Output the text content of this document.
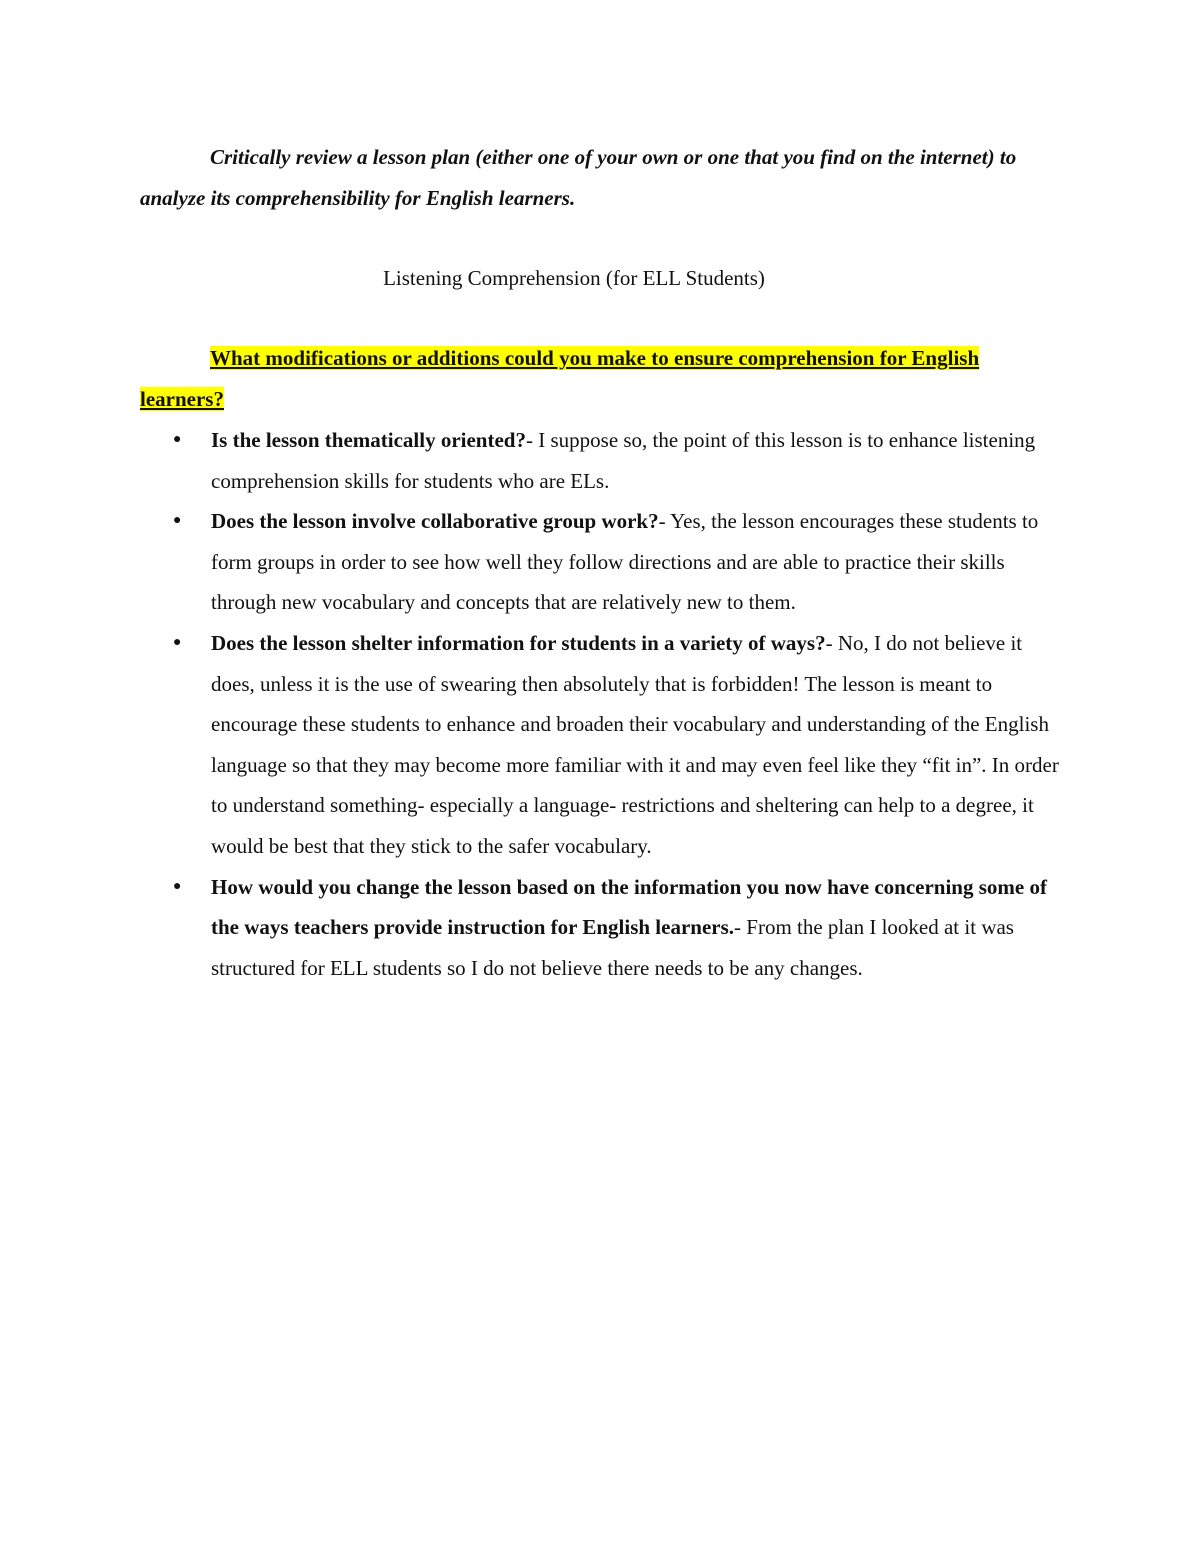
Critically review a lesson plan (either one of your own or one that you find on the internet) to analyze its comprehensibility for English learners.

Listening Comprehension (for ELL Students)

What modifications or additions could you make to ensure comprehension for English learners?

● Is the lesson thematically oriented?- I suppose so, the point of this lesson is to enhance listening comprehension skills for students who are ELs.
● Does the lesson involve collaborative group work?- Yes, the lesson encourages these students to form groups in order to see how well they follow directions and are able to practice their skills through new vocabulary and concepts that are relatively new to them.
● Does the lesson shelter information for students in a variety of ways?- No, I do not believe it does, unless it is the use of swearing then absolutely that is forbidden! The lesson is meant to encourage these students to enhance and broaden their vocabulary and understanding of the English language so that they may become more familiar with it and may even feel like they “fit in”. In order to understand something- especially a language- restrictions and sheltering can help to a degree, it would be best that they stick to the safer vocabulary.
● How would you change the lesson based on the information you now have concerning some of the ways teachers provide instruction for English learners.- From the plan I looked at it was structured for ELL students so I do not believe there needs to be any changes.
